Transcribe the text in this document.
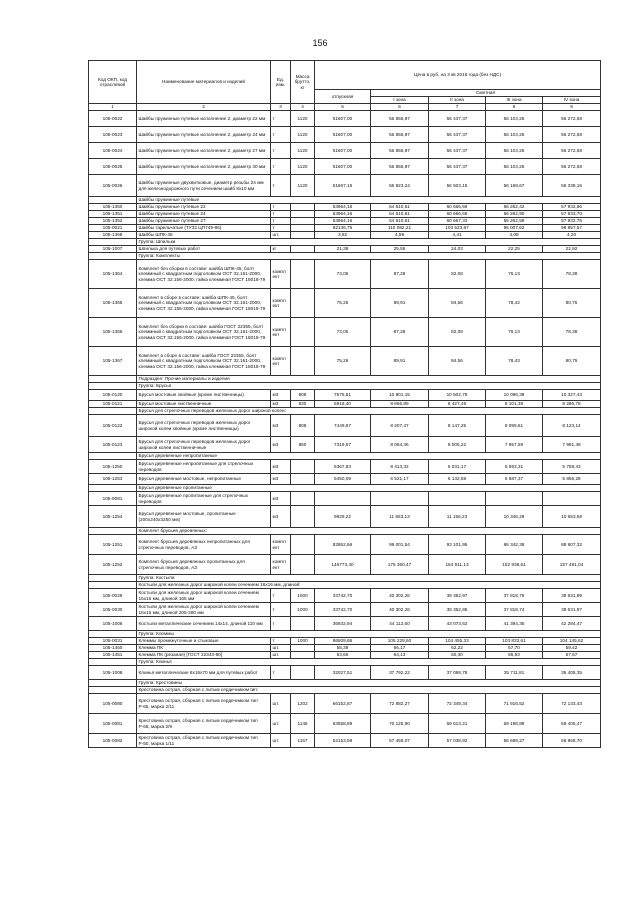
156
Код ОКП, код отраслевой	Наименование материалов и изделий	Ед. изм.	Масса брутто, кг	Цена в руб. на 3 кв 2016 года (без НДС)				
				отпускная	Сметная			
					I зона	II зона	III зона	IV зона
1	2	3	4	5	6	7	8	9
105-0022	Шайбы пружинные путевые исполнение 2, диаметр 22 мм	т	1120	51607,00	56 856,97	56 437,37	56 103,26	56 272,58
105-0023	Шайбы пружинные путевые исполнение 2, диаметр 24 мм	т	1120	51607,00	56 856,97	56 437,37	56 103,26	56 272,58
105-0024	Шайбы пружинные путевые исполнение 2, диаметр 27 мм	т	1120	51607,00	56 856,97	56 437,37	56 103,26	56 272,58
105-0025	Шайбы пружинные путевые исполнение 2, диаметр 30 мм	т	1120	51607,00	56 856,97	56 437,37	56 103,26	56 272,58
105-0026	Шайбы пружинные двухвитковые, диаметр резьбы 24 мм для железнодорожного пути сечением шайб 8х10 мм	т	1120	51667,15	56 923,24	56 503,15	56 168,67	56 338,16
	Шайбы пружинные путевые							
105-1350	Шайбы пружинные путевые 22	т		53964,16	64 510,61	60 666,59	56 262,42	57 932,86
105-1351	Шайбы пружинные путевые 24	т		53964,16	64 510,61	60 666,59	56 262,90	57 933,70
105-1352	Шайбы пружинные путевые 27	т		53964,16	64 510,61	60 667,33	56 262,58	57 932,76
105-0021	Шайбы тарельчатые (ТУ32 ЦП749-86)	т		92136,75	110 082,21	103 523,87	96 007,62	98 857,57
105-1368	Шайбы ШПК-45	шт.		3,82	4,59	4,41	4,08	4,20
	Группа: Шпильки							
105-1007	Шпилька для путевых работ	кг		21,38	25,55	24,03	22,25	22,92
	Группа: Комплекты							
105-1364	Комплект без сборки в составе: шайба ШПК-45, болт клеммный с квадратным подголовком ОСТ 32.161-2000, клемма ОСТ 32.156-2000, гайка клеммная ГОСТ 18018-79	компл ект		73,05	87,28	82,08	76,13	78,38
105-1365	Комплект в сборе в составе: шайба ШПК-45, болт клеммный с квадратным подголовком ОСТ 32.161-2000, клемма ОСТ 32.156-2000, гайка клеммная ГОСТ 18018-79	компл ект		75,26	89,91	84,56	78,42	80,75
105-1366	Комплект без сборки в составе: шайба ГОСТ 22355, болт клеммный с квадратным подголовком ОСТ 32.161-2000, клемма ОСТ 32.156-2000, гайка клеммная ГОСТ 18018-79	компл ект		73,05	87,28	82,08	76,13	78,38
105-1367	Комплект в сборе в составе: шайба ГОСТ 22355, болт клеммный с квадратным подголовком ОСТ 32.161-2000, клемма ОСТ 32.156-2000, гайка клеммная ГОСТ 18018-79	компл ект		75,26	89,91	84,56	78,43	80,75
	Подраздел: Прочие материалы и изделия							
	Группа: Брусья							
105-0120	Брусья мостовые хвойные (кроме лиственницы)	м3	808	7575,81	10 801,15	10 502,79	10 096,38	10 327,43
105-0121	Брусья мостовые лиственничные	м3	830	5918,40	8 666,89	8 427,49	8 101,38	8 286,78
	Брусья для стрелочных переводов железных дорог широкой колеи:							
105-0122	Брусья для стрелочных переводов железных дорог широкой колеи хвойные (кроме лиственницы)	м3	808	7449,57	8 207,47	8 147,25	8 099,61	8 123,14
105-0123	Брусья для стрелочных переводов железных дорог широкой колеи лиственничные	м3	850	7319,67	8 064,36	8 005,22	7 957,59	7 981,49
	Брусья деревянные непропитанные							
105-1250	Брусья деревянные непропитанные для стрелочных переводов	м3		5367,83	8 413,32	6 031,17	5 593,31	5 759,43
105-1253	Брусья деревянные мостовые, непропитанные	м3		5450,09	6 521,17	6 132,59	5 687,37	5 856,28
	Брусья деревянные пропитанные							
105-9081	Брусья деревянные пропитанные для стрелочных переводов	м3						
105-1254	Брусья деревянные мостовые, пропитанные (200х240х3250 мм)	м3		9929,22	11 863,13	11 156,23	10 346,28	10 653,59
	Комплект брусьев деревянных:							
105-1251	Комплект брусьев деревянных непропитанных для стрелочных переводов, АЗ	компл ект		82862,66	99 001,54	93 101,95	86 342,38	88 907,32
105-1252	Комплект брусьев деревянных пропитанных для стрелочных переводов, АЗ	компл ект		146773,40	175 360,47	164 911,13	152 938,61	157 481,04
	Группа: Костыли							
	Костыли для железных дорог широкой колеи сечением 16х16 мм, длиной:							
105-0029	Костыли для железных дорог широкой колеи сечением 16х16 мм, длиной 165 мм	т	1000	33742,70	40 302,26	39 352,97	37 818,76	38 631,99
105-0030	Костыли для железных дорог широкой колеи сечением 16х16 мм, длиной 205-280 мм	т	1000	33742,70	40 302,26	39 352,95	37 818,74	38 631,97
105-1006	Костыли металлические сечением 14х14, длиной 110 мм	т		36932,94	44 112,60	43 073,62	41 394,35	42 284,47
	Группа: Клеммы							
105-0031	Клеммы промежуточные и стыковые	т	1000	86509,86	105 228,60	104 455,33	103 833,61	104 145,62
105-1450	Клемма ПК	шт.		55,38	66,17	62,22	57,70	59,42
105-1451	Клемма ПК (резаная) [ГОСТ 22343-90]	шт.		53,66	64,13	60,30	55,93	57,57
	Группа: Клинья							
105-1008	Клинья металлические 8х16х70 мм для путевых работ	т		32027,51	37 792,22	37 098,78	35 711,91	36 405,35
	Группа: Крестовины							
	Крестовина острая, сборная с литым сердечником tип:							
105-0080	Крестовина острая, сборная с литым сердечником тип Р-65, марка 2/11	шт.	1202	66152,87	72 882,27	72 349,34	71 916,52	72 133,43
105-0081	Крестовина острая, сборная с литым сердечником тип Р-65, марка 2/9	шт.	1145	63558,89	70 125,90	69 613,21	69 198,89	69 405,47
105-0082	Крестовина острая, сборная с литым сердечником тип Р-50, марка 1/11	шт.	1167	52153,58	57 459,07	57 038,92	56 699,27	56 868,70
